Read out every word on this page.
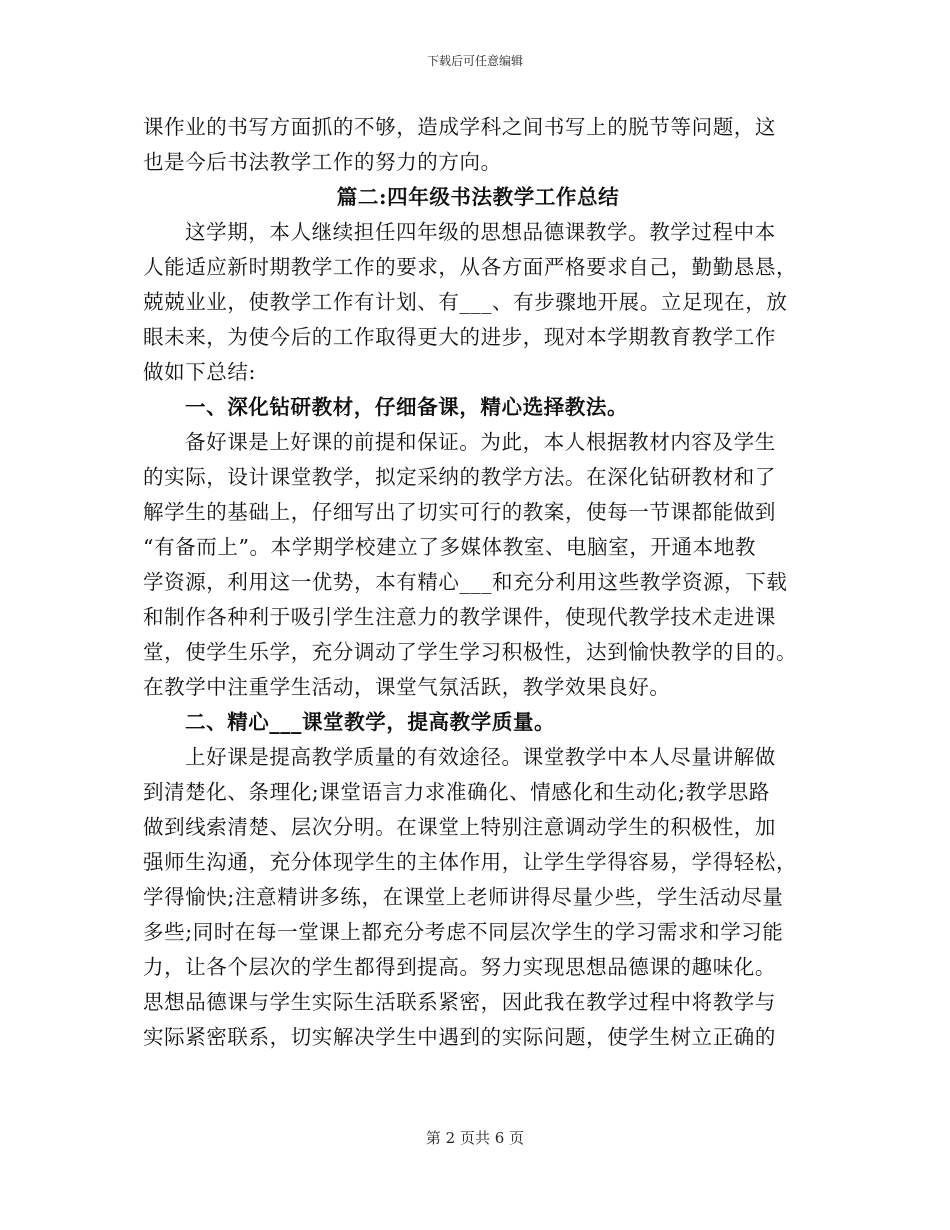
下载后可任意编辑
课作业的书写方面抓的不够，造成学科之间书写上的脱节等问题，这
也是今后书法教学工作的努力的方向。
篇二:四年级书法教学工作总结
这学期，本人继续担任四年级的思想品德课教学。教学过程中本
人能适应新时期教学工作的要求，从各方面严格要求自己，勤勤恳恳，
兢兢业业，使教学工作有计划、有___、有步骤地开展。立足现在，放
眼未来，为使今后的工作取得更大的进步，现对本学期教育教学工作
做如下总结:
一、深化钻研教材，仔细备课，精心选择教法。
备好课是上好课的前提和保证。为此，本人根据教材内容及学生
的实际，设计课堂教学，拟定采纳的教学方法。在深化钻研教材和了
解学生的基础上，仔细写出了切实可行的教案，使每一节课都能做到
“有备而上”。本学期学校建立了多媒体教室、电脑室，开通本地教
学资源，利用这一优势，本有精心___和充分利用这些教学资源，下载
和制作各种利于吸引学生注意力的教学课件，使现代教学技术走进课
堂，使学生乐学，充分调动了学生学习积极性，达到愉快教学的目的。
在教学中注重学生活动，课堂气氛活跃，教学效果良好。
二、精心___课堂教学，提高教学质量。
上好课是提高教学质量的有效途径。课堂教学中本人尽量讲解做
到清楚化、条理化;课堂语言力求准确化、情感化和生动化;教学思路
做到线索清楚、层次分明。在课堂上特别注意调动学生的积极性，加
强师生沟通，充分体现学生的主体作用，让学生学得容易，学得轻松，
学得愉快;注意精讲多练，在课堂上老师讲得尽量少些，学生活动尽量
多些;同时在每一堂课上都充分考虑不同层次学生的学习需求和学习能
力，让各个层次的学生都得到提高。努力实现思想品德课的趣味化。
思想品德课与学生实际生活联系紧密，因此我在教学过程中将教学与
实际紧密联系，切实解决学生中遇到的实际问题，使学生树立正确的
第 2 页共 6 页
